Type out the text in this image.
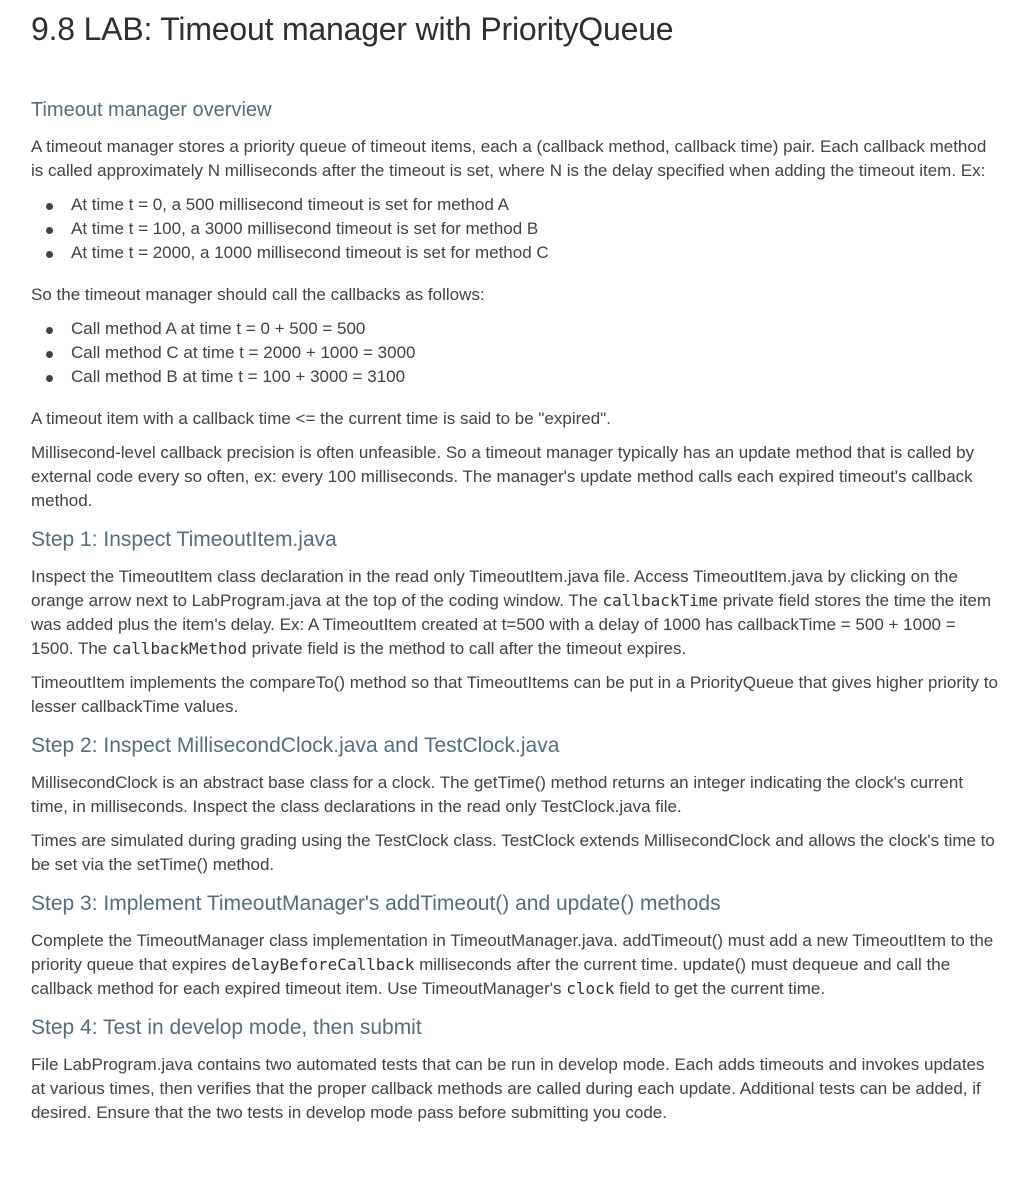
9.8 LAB: Timeout manager with PriorityQueue
Timeout manager overview

A timeout manager stores a priority queue of timeout items, each a (callback method, callback time) pair. Each callback method is called approximately N milliseconds after the timeout is set, where N is the delay specified when adding the timeout item. Ex:

At time t = 0, a 500 millisecond timeout is set for method A
At time t = 100, a 3000 millisecond timeout is set for method B
At time t = 2000, a 1000 millisecond timeout is set for method C

So the timeout manager should call the callbacks as follows:

Call method A at time t = 0 + 500 = 500
Call method C at time t = 2000 + 1000 = 3000
Call method B at time t = 100 + 3000 = 3100

A timeout item with a callback time <= the current time is said to be "expired".

Millisecond-level callback precision is often unfeasible. So a timeout manager typically has an update method that is called by external code every so often, ex: every 100 milliseconds. The manager's update method calls each expired timeout's callback method.

Step 1: Inspect TimeoutItem.java

Inspect the TimeoutItem class declaration in the read only TimeoutItem.java file. Access TimeoutItem.java by clicking on the orange arrow next to LabProgram.java at the top of the coding window. The callbackTime private field stores the time the item was added plus the item's delay. Ex: A TimeoutItem created at t=500 with a delay of 1000 has callbackTime = 500 + 1000 = 1500. The callbackMethod private field is the method to call after the timeout expires.

TimeoutItem implements the compareTo() method so that TimeoutItems can be put in a PriorityQueue that gives higher priority to lesser callbackTime values.

Step 2: Inspect MillisecondClock.java and TestClock.java

MillisecondClock is an abstract base class for a clock. The getTime() method returns an integer indicating the clock's current time, in milliseconds. Inspect the class declarations in the read only TestClock.java file.

Times are simulated during grading using the TestClock class. TestClock extends MillisecondClock and allows the clock's time to be set via the setTime() method.

Step 3: Implement TimeoutManager's addTimeout() and update() methods

Complete the TimeoutManager class implementation in TimeoutManager.java. addTimeout() must add a new TimeoutItem to the priority queue that expires delayBeforeCallback milliseconds after the current time. update() must dequeue and call the callback method for each expired timeout item. Use TimeoutManager's clock field to get the current time.

Step 4: Test in develop mode, then submit

File LabProgram.java contains two automated tests that can be run in develop mode. Each adds timeouts and invokes updates at various times, then verifies that the proper callback methods are called during each update. Additional tests can be added, if desired. Ensure that the two tests in develop mode pass before submitting you code.
